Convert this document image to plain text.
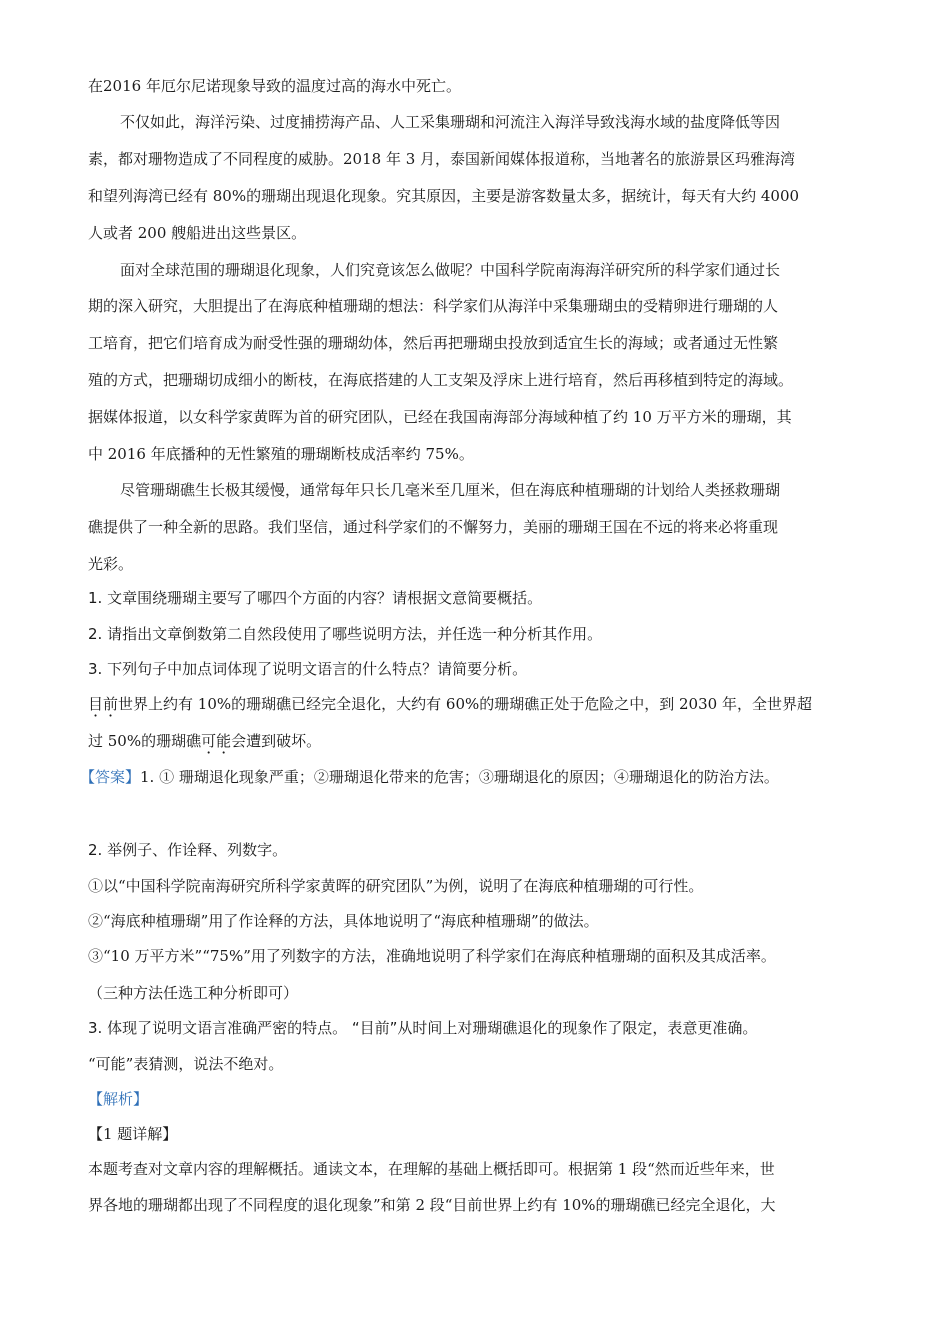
在2016 年厄尔尼诺现象导致的温度过高的海水中死亡。
不仅如此，海洋污染、过度捕捞海产品、人工采集珊瑚和河流注入海洋导致浅海水域的盐度降低等因
素，都对珊物造成了不同程度的威胁。2018 年 3 月，泰国新闻媒体报道称，当地著名的旅游景区玛雅海湾
和望列海湾已经有 80%的珊瑚出现退化现象。究其原因，主要是游客数量太多，据统计，每天有大约 4000
人或者 200 艘船进出这些景区。
面对全球范围的珊瑚退化现象，人们究竟该怎么做呢？中国科学院南海海洋研究所的科学家们通过长
期的深入研究，大胆提出了在海底种植珊瑚的想法：科学家们从海洋中采集珊瑚虫的受精卵进行珊瑚的人
工培育，把它们培育成为耐受性强的珊瑚幼体，然后再把珊瑚虫投放到适宜生长的海域；或者通过无性繁
殖的方式，把珊瑚切成细小的断枝，在海底搭建的人工支架及浮床上进行培育，然后再移植到特定的海域。
据媒体报道，以女科学家黄晖为首的研究团队，已经在我国南海部分海域种植了约 10 万平方米的珊瑚，其
中 2016 年底播种的无性繁殖的珊瑚断枝成活率约 75%。
尽管珊瑚礁生长极其缓慢，通常每年只长几毫米至几厘米，但在海底种植珊瑚的计划给人类拯救珊瑚
礁提供了一种全新的思路。我们坚信，通过科学家们的不懈努力，美丽的珊瑚王国在不远的将来必将重现
光彩。
1. 文章围绕珊瑚主要写了哪四个方面的内容？请根据文意简要概括。
2. 请指出文章倒数第二自然段使用了哪些说明方法，并任选一种分析其作用。
3. 下列句子中加点词体现了说明文语言的什么特点？请简要分析。
目前世界上约有 10%的珊瑚礁已经完全退化，大约有 60%的珊瑚礁正处于危险之中，到 2030 年，全世界超
过 50%的珊瑚礁可能会遭到破坏。
【答案】1. ① 珊瑚退化现象严重；②珊瑚退化带来的危害；③珊瑚退化的原因；④珊瑚退化的防治方法。
2. 举例子、作诠释、列数字。
①以“中国科学院南海研究所科学家黄晖的研究团队”为例，说明了在海底种植珊瑚的可行性。
②“海底种植珊瑚”用了作诠释的方法，具体地说明了“海底种植珊瑚”的做法。
③“10 万平方米”“75%”用了列数字的方法，准确地说明了科学家们在海底种植珊瑚的面积及其成活率。
（三种方法任选工种分析即可）
3. 体现了说明文语言准确严密的特点。 “目前”从时间上对珊瑚礁退化的现象作了限定，表意更准确。
“可能”表猜测，说法不绝对。
【解析】
【1 题详解】
本题考查对文章内容的理解概括。通读文本，在理解的基础上概括即可。根据第 1 段“然而近些年来，世
界各地的珊瑚都出现了不同程度的退化现象”和第 2 段“目前世界上约有 10%的珊瑚礁已经完全退化，大
